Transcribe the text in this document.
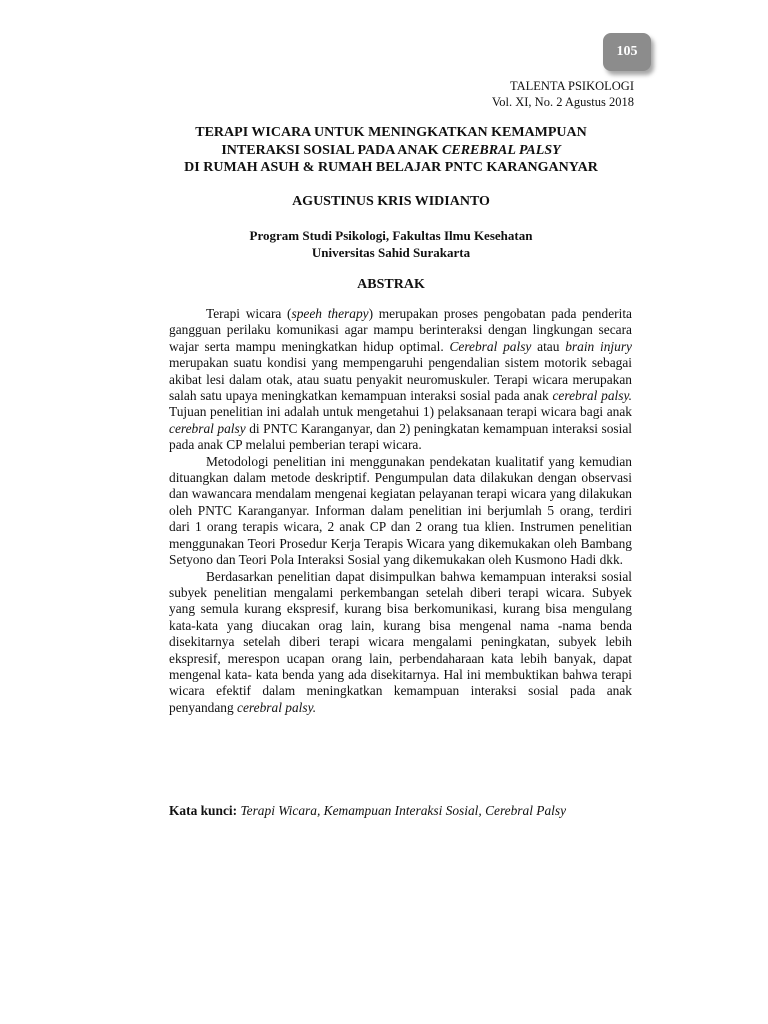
105
TALENTA PSIKOLOGI
Vol. XI, No. 2 Agustus 2018
TERAPI WICARA UNTUK MENINGKATKAN KEMAMPUAN
INTERAKSI SOSIAL PADA ANAK CEREBRAL PALSY
DI RUMAH ASUH & RUMAH BELAJAR PNTC KARANGANYAR
AGUSTINUS KRIS WIDIANTO
Program Studi Psikologi, Fakultas Ilmu Kesehatan
Universitas Sahid Surakarta
ABSTRAK

Terapi wicara (speeh therapy) merupakan proses pengobatan pada penderita gangguan perilaku komunikasi agar mampu berinteraksi dengan lingkungan secara wajar serta mampu meningkatkan hidup optimal. Cerebral palsy atau brain injury merupakan suatu kondisi yang mempengaruhi pengendalian sistem motorik sebagai akibat lesi dalam otak, atau suatu penyakit neuromuskuler. Terapi wicara merupakan salah satu upaya meningkatkan kemampuan interaksi sosial pada anak cerebral palsy. Tujuan penelitian ini adalah untuk mengetahui 1) pelaksanaan terapi wicara bagi anak cerebral palsy di PNTC Karanganyar, dan 2) peningkatan kemampuan interaksi sosial pada anak CP melalui pemberian terapi wicara.

Metodologi penelitian ini menggunakan pendekatan kualitatif yang kemudian dituangkan dalam metode deskriptif. Pengumpulan data dilakukan dengan observasi dan wawancara mendalam mengenai kegiatan pelayanan terapi wicara yang dilakukan oleh PNTC Karanganyar. Informan dalam penelitian ini berjumlah 5 orang, terdiri dari 1 orang terapis wicara, 2 anak CP dan 2 orang tua klien. Instrumen penelitian menggunakan Teori Prosedur Kerja Terapis Wicara yang dikemukakan oleh Bambang Setyono dan Teori Pola Interaksi Sosial yang dikemukakan oleh Kusmono Hadi dkk.

Berdasarkan penelitian dapat disimpulkan bahwa kemampuan interaksi sosial subyek penelitian mengalami perkembangan setelah diberi terapi wicara. Subyek yang semula kurang ekspresif, kurang bisa berkomunikasi, kurang bisa mengulang kata-kata yang diucakan orag lain, kurang bisa mengenal nama -nama benda disekitarnya setelah diberi terapi wicara mengalami peningkatan, subyek lebih ekspresif, merespon ucapan orang lain, perbendaharaan kata lebih banyak, dapat mengenal kata- kata benda yang ada disekitarnya. Hal ini membuktikan bahwa terapi wicara efektif dalam meningkatkan kemampuan interaksi sosial pada anak penyandang cerebral palsy.

Kata kunci: Terapi Wicara, Kemampuan Interaksi Sosial, Cerebral Palsy
